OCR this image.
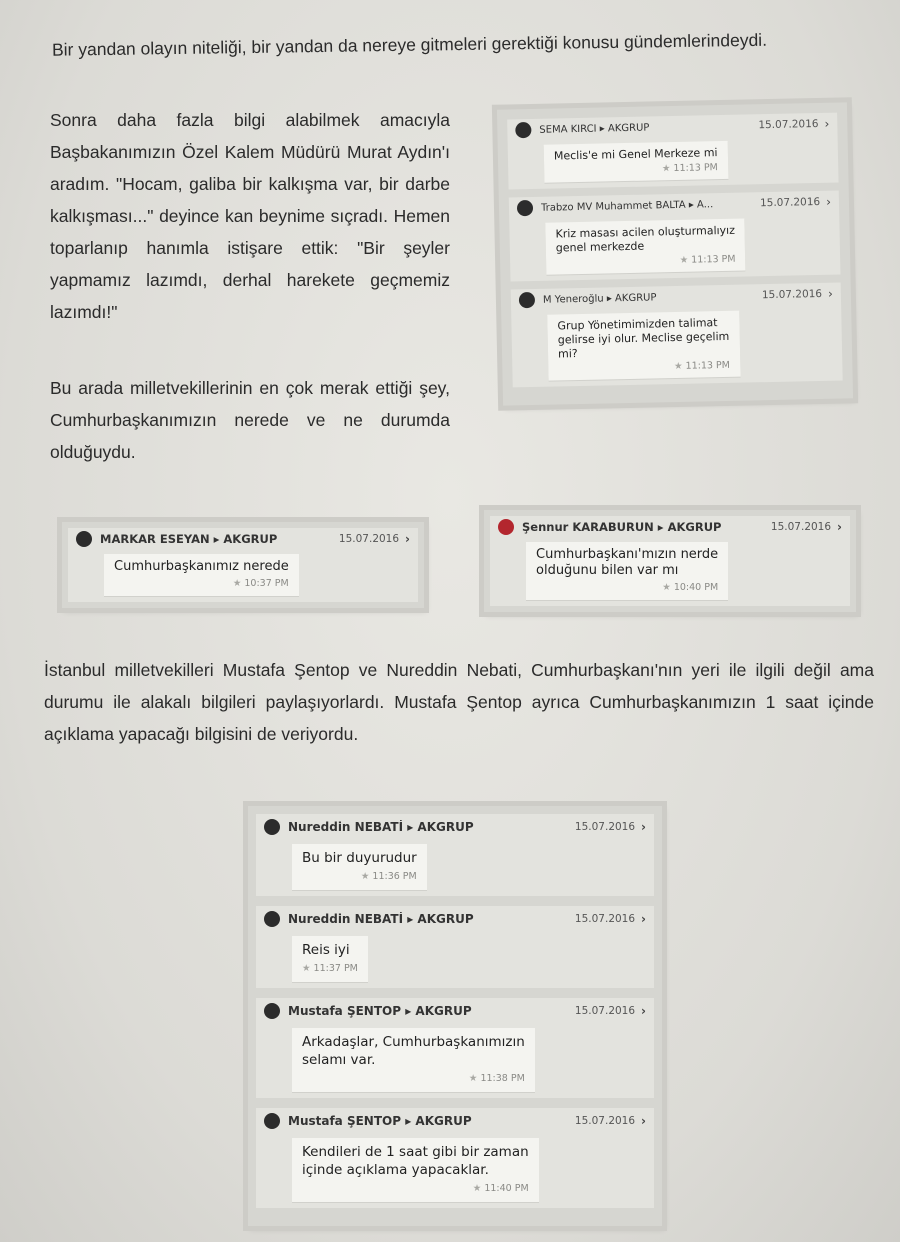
Bir yandan olayın niteliği, bir yandan da nereye gitmeleri gerektiği konusu gündemlerindeydi.

Sonra daha fazla bilgi alabilmek amacıyla Başbakanımızın Özel Kalem Müdürü Murat Aydın'ı aradım. "Hocam, galiba bir kalkışma var, bir darbe kalkışması..." deyince kan beynime sıçradı. Hemen toparlanıp hanımla istişare ettik: "Bir şeyler yapmamız lazımdı, derhal harekete geçmemiz lazımdı!"

Bu arada milletvekillerinin en çok merak ettiği şey, Cumhurbaşkanımızın nerede ve ne durumda olduğuydu.

İstanbul milletvekilleri Mustafa Şentop ve Nureddin Nebati, Cumhurbaşkanı'nın yeri ile ilgili değil ama durumu ile alakalı bilgileri paylaşıyorlardı. Mustafa Şentop ayrıca Cumhurbaşkanımızın 1 saat içinde açıklama yapacağı bilgisini de veriyordu.

SEMA KIRCI ▸ AKGRUP	15.07.2016 ›
Meclis'e mi Genel Merkeze mi
★ 11:13 PM
Trabzo MV Muhammet BALTA ▸ A...	15.07.2016 ›
Kriz masası acilen oluşturmalıyız
genel merkezde
★ 11:13 PM
M Yeneroğlu ▸ AKGRUP	15.07.2016 ›
Grup Yönetimimizden talimat
gelirse iyi olur. Meclise geçelim
mi?
★ 11:13 PM
MARKAR ESEYAN ▸ AKGRUP	15.07.2016 ›
Cumhurbaşkanımız nerede
★ 10:37 PM
Şennur KARABURUN ▸ AKGRUP	15.07.2016 ›
Cumhurbaşkanı'mızın nerde
olduğunu bilen var mı
★ 10:40 PM
Nureddin NEBATİ ▸ AKGRUP	15.07.2016 ›
Bu bir duyurudur
★ 11:36 PM
Nureddin NEBATİ ▸ AKGRUP	15.07.2016 ›
Reis iyi
★ 11:37 PM
Mustafa ŞENTOP ▸ AKGRUP	15.07.2016 ›
Arkadaşlar, Cumhurbaşkanımızın
selamı var.
★ 11:38 PM
Mustafa ŞENTOP ▸ AKGRUP	15.07.2016 ›
Kendileri de 1 saat gibi bir zaman
içinde açıklama yapacaklar.
★ 11:40 PM
